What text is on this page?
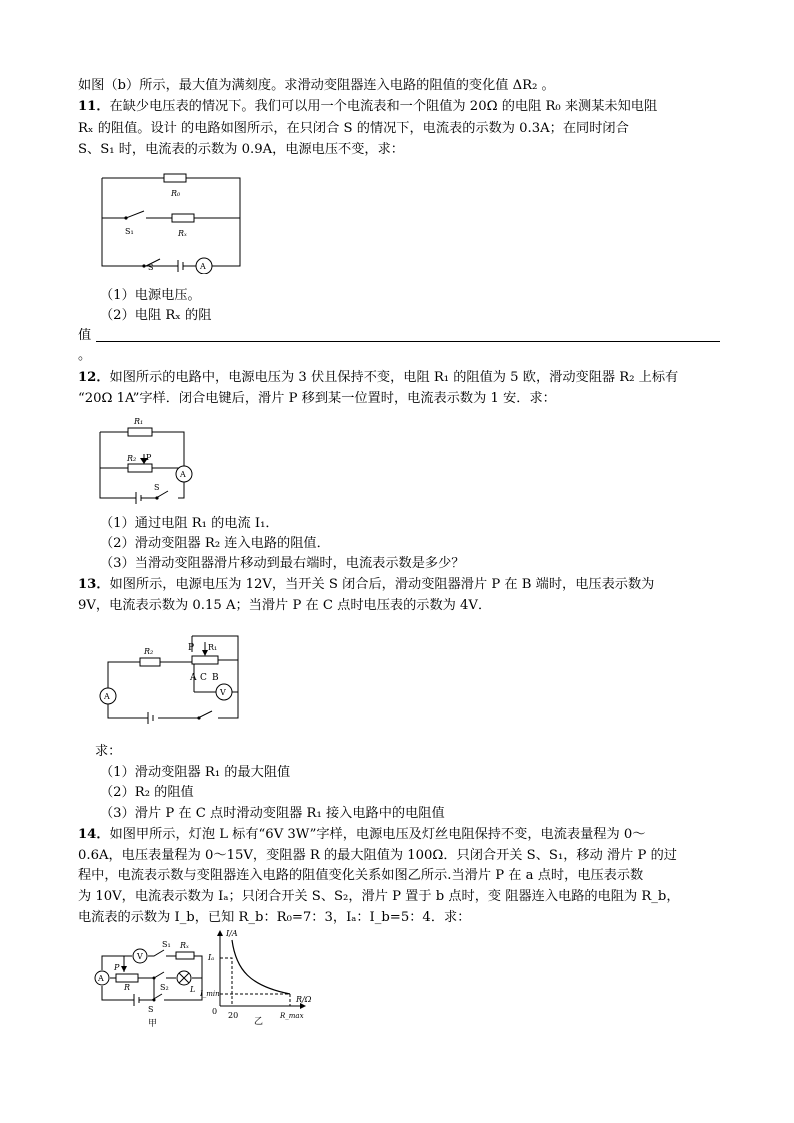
如图（b）所示，最大值为满刻度。求滑动变阻器连入电路的阻值的变化值 ΔR₂ 。
11．在缺少电压表的情况下。我们可以用一个电流表和一个阻值为 20Ω 的电阻 R₀ 来测某未知电阻
Rₓ 的阻值。设计 的电路如图所示，在只闭合 S 的情况下，电流表的示数为 0.3A；在同时闭合
S、S₁ 时，电流表的示数为 0.9A，电源电压不变，求：
R₀
S₁	Rₓ
S	A
（1）电源电压。
（2）电阻 Rₓ 的阻
值
。
12．如图所示的电路中，电源电压为 3 伏且保持不变，电阻 R₁ 的阻值为 5 欧，滑动变阻器 R₂ 上标有
“20Ω 1A”字样．闭合电键后，滑片 P 移到某一位置时，电流表示数为 1 安．求：
R₁
R₂ P
A
S
（1）通过电阻 R₁ 的电流 I₁．
（2）滑动变阻器 R₂ 连入电路的阻值．
（3）当滑动变阻器滑片移动到最右端时，电流表示数是多少？
13．如图所示，电源电压为 12V，当开关 S 闭合后，滑动变阻器滑片 P 在 B 端时，电压表示数为
9V，电流表示数为 0.15 A；当滑片 P 在 C 点时电压表的示数为 4V．
R₂	P R₁
A C B
A	V
求：
（1）滑动变阻器 R₁ 的最大阻值
（2）R₂ 的阻值
（3）滑片 P 在 C 点时滑动变阻器 R₁ 接入电路中的电阻值
14．如图甲所示，灯泡 L 标有“6V 3W”字样，电源电压及灯丝电阻保持不变，电流表量程为 0～
0.6A，电压表量程为 0～15V，变阻器 R 的最大阻值为 100Ω．只闭合开关 S、S₁，移动 滑片 P 的过
程中，电流表示数与变阻器连入电路的阻值变化关系如图乙所示.当滑片 P 在 a 点时，电压表示数
为 10V，电流表示数为 Iₐ；只闭合开关 S、S₂，滑片 P 置于 b 点时，变 阻器连入电路的电阻为 R_b，
电流表的示数为 I_b，已知 R_b：R₀=7：3，Iₐ：I_b=5：4．求：
S₁ Rₓ
V
P
R
A
S₂	L
S
甲
I/A
Iₐ
I_min
0 20
乙
R/Ω
R_max
